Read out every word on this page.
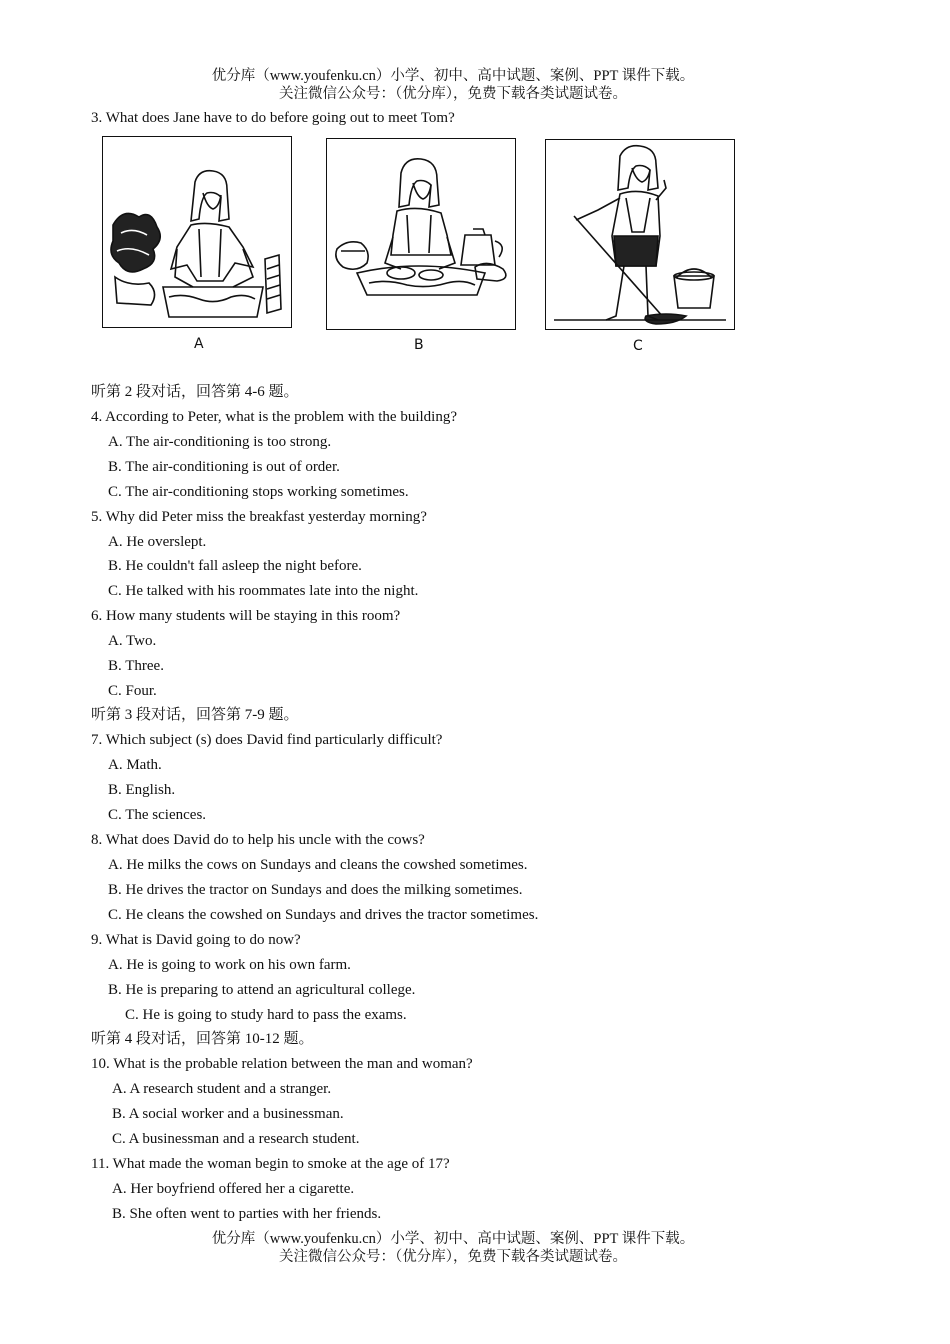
优分库（www.youfenku.cn）小学、初中、高中试题、案例、PPT 课件下载。
关注微信公众号：（优分库），免费下载各类试题试卷。
3. What does Jane have to do before going out to meet Tom?
A	B	C
听第 2 段对话，回答第 4-6 题。
4. According to Peter, what is the problem with the building?
A. The air-conditioning is too strong.
B. The air-conditioning is out of order.
C. The air-conditioning stops working sometimes.
5. Why did Peter miss the breakfast yesterday morning?
A. He overslept.
B. He couldn't fall asleep the night before.
C. He talked with his roommates late into the night.
6. How many students will be staying in this room?
A. Two.
B. Three.
C. Four.
听第 3 段对话，回答第 7-9 题。
7. Which subject (s) does David find particularly difficult?
A. Math.
B. English.
C. The sciences.
8. What does David do to help his uncle with the cows?
A. He milks the cows on Sundays and cleans the cowshed sometimes.
B. He drives the tractor on Sundays and does the milking sometimes.
C. He cleans the cowshed on Sundays and drives the tractor sometimes.
9. What is David going to do now?
A. He is going to work on his own farm.
B. He is preparing to attend an agricultural college.
C. He is going to study hard to pass the exams.
听第 4 段对话，回答第 10-12 题。
10. What is the probable relation between the man and woman?
A. A research student and a stranger.
B. A social worker and a businessman.
C. A businessman and a research student.
11. What made the woman begin to smoke at the age of 17?
A. Her boyfriend offered her a cigarette.
B. She often went to parties with her friends.
优分库（www.youfenku.cn）小学、初中、高中试题、案例、PPT 课件下载。
关注微信公众号：（优分库），免费下载各类试题试卷。
